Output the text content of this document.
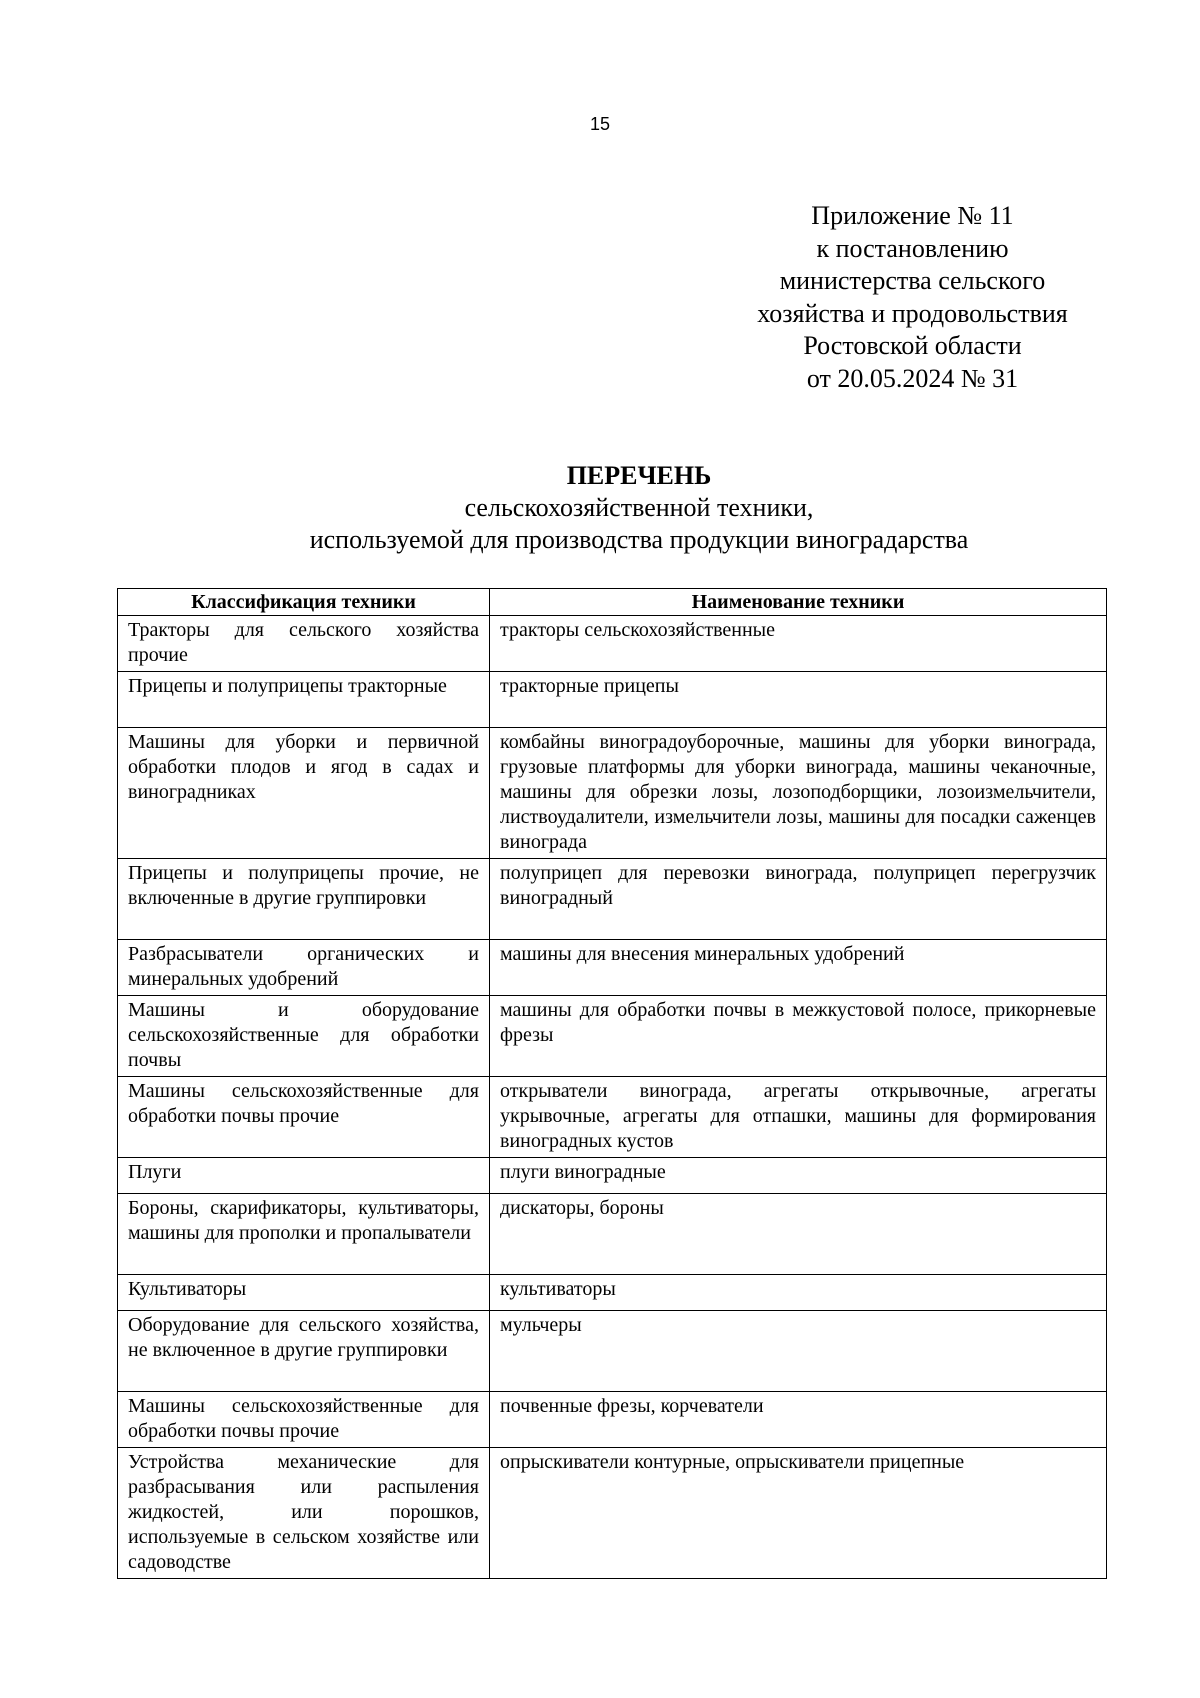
15
Приложение № 11
к постановлению
министерства сельского
хозяйства и продовольствия
Ростовской области
от 20.05.2024 № 31
ПЕРЕЧЕНЬ
сельскохозяйственной техники,
используемой для производства продукции виноградарства
Классификация техники	Наименование техники
Тракторы для сельского хозяйства прочие	тракторы сельскохозяйственные
Прицепы и полуприцепы тракторные	тракторные прицепы
Машины для уборки и первичной обработки плодов и ягод в садах и виноградниках	комбайны виноградоуборочные, машины для уборки винограда, грузовые платформы для уборки винограда, машины чеканочные, машины для обрезки лозы, лозоподборщики, лозоизмельчители, листвоудалители, измельчители лозы, машины для посадки саженцев винограда
Прицепы и полуприцепы прочие, не включенные в другие группировки	полуприцеп для перевозки винограда, полуприцеп перегрузчик виноградный
Разбрасыватели органических и минеральных удобрений	машины для внесения минеральных удобрений
Машины и оборудование сельскохозяйственные для обработки почвы	машины для обработки почвы в межкустовой полосе, прикорневые фрезы
Машины сельскохозяйственные для обработки почвы прочие	открыватели винограда, агрегаты открывочные, агрегаты укрывочные, агрегаты для отпашки, машины для формирования виноградных кустов
Плуги	плуги виноградные
Бороны, скарификаторы, культиваторы, машины для прополки и пропалыватели	дискаторы, бороны
Культиваторы	культиваторы
Оборудование для сельского хозяйства, не включенное в другие группировки	мульчеры
Машины сельскохозяйственные для обработки почвы прочие	почвенные фрезы, корчеватели
Устройства механические для разбрасывания или распыления жидкостей, или порошков, используемые в сельском хозяйстве или садоводстве	опрыскиватели контурные, опрыскиватели прицепные
